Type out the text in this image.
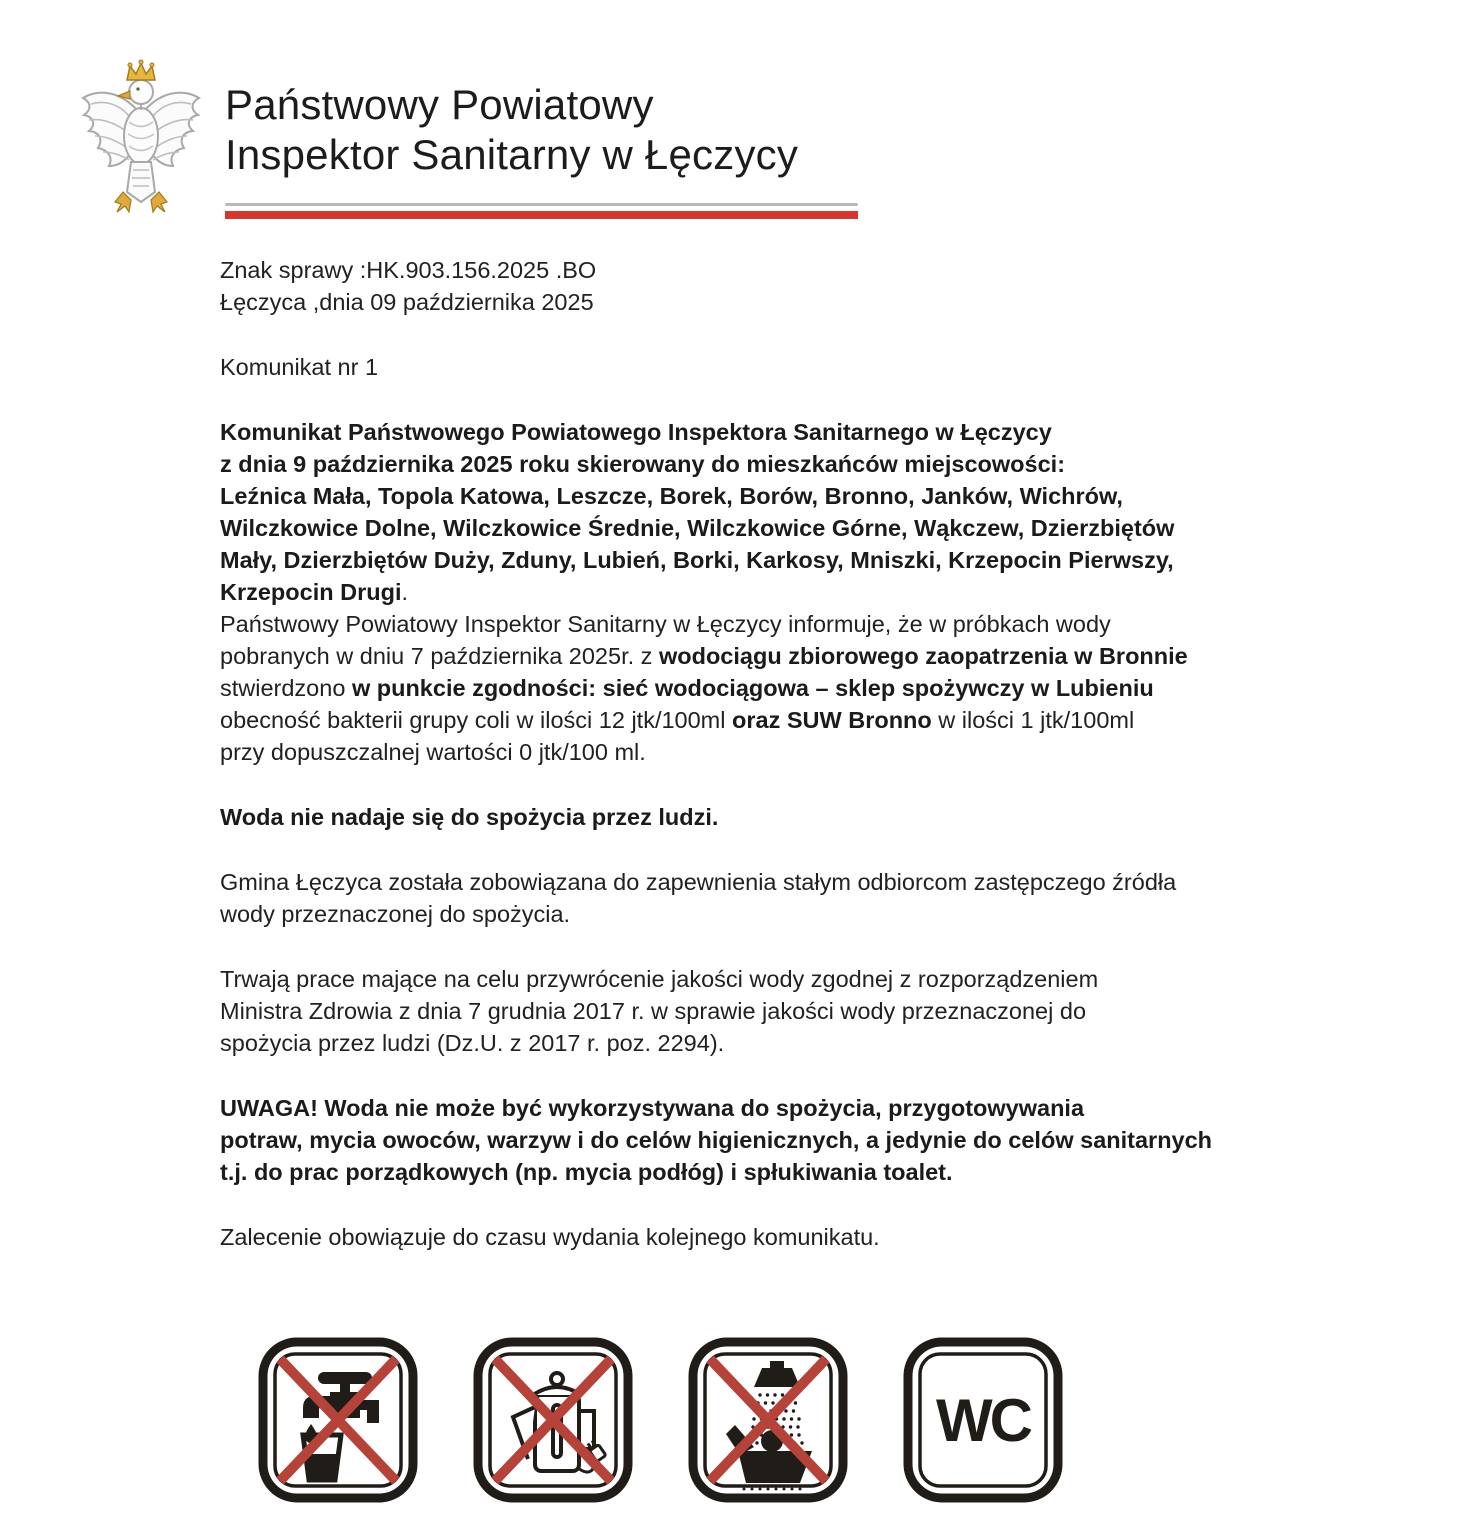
Państwowy Powiatowy
Inspektor Sanitarny w Łęczycy
Znak sprawy :HK.903.156.2025 .BO
Łęczyca ,dnia 09 października 2025
Komunikat nr 1
Komunikat Państwowego Powiatowego Inspektora Sanitarnego w Łęczycy
z dnia 9 października 2025 roku skierowany do mieszkańców miejscowości:
Leźnica Mała, Topola Katowa, Leszcze, Borek, Borów, Bronno, Janków, Wichrów,
Wilczkowice Dolne, Wilczkowice Średnie, Wilczkowice Górne, Wąkczew, Dzierzbiętów
Mały, Dzierzbiętów Duży, Zduny, Lubień, Borki, Karkosy, Mniszki, Krzepocin Pierwszy,
Krzepocin Drugi.
Państwowy Powiatowy Inspektor Sanitarny w Łęczycy informuje, że w próbkach wody
pobranych w dniu 7 października 2025r. z wodociągu zbiorowego zaopatrzenia w Bronnie
stwierdzono w punkcie zgodności: sieć wodociągowa – sklep spożywczy w Lubieniu
obecność bakterii grupy coli w ilości 12 jtk/100ml oraz SUW Bronno w ilości 1 jtk/100ml
przy dopuszczalnej wartości 0 jtk/100 ml.
Woda nie nadaje się do spożycia przez ludzi.
Gmina Łęczyca została zobowiązana do zapewnienia stałym odbiorcom zastępczego źródła
wody przeznaczonej do spożycia.
Trwają prace mające na celu przywrócenie jakości wody zgodnej z rozporządzeniem
Ministra Zdrowia z dnia 7 grudnia 2017 r. w sprawie jakości wody przeznaczonej do
spożycia przez ludzi (Dz.U. z 2017 r. poz. 2294).
UWAGA! Woda nie może być wykorzystywana do spożycia, przygotowywania
potraw, mycia owoców, warzyw i do celów higienicznych, a jedynie do celów sanitarnych
t.j. do prac porządkowych (np. mycia podłóg) i spłukiwania toalet.
Zalecenie obowiązuje do czasu wydania kolejnego komunikatu.
WC
